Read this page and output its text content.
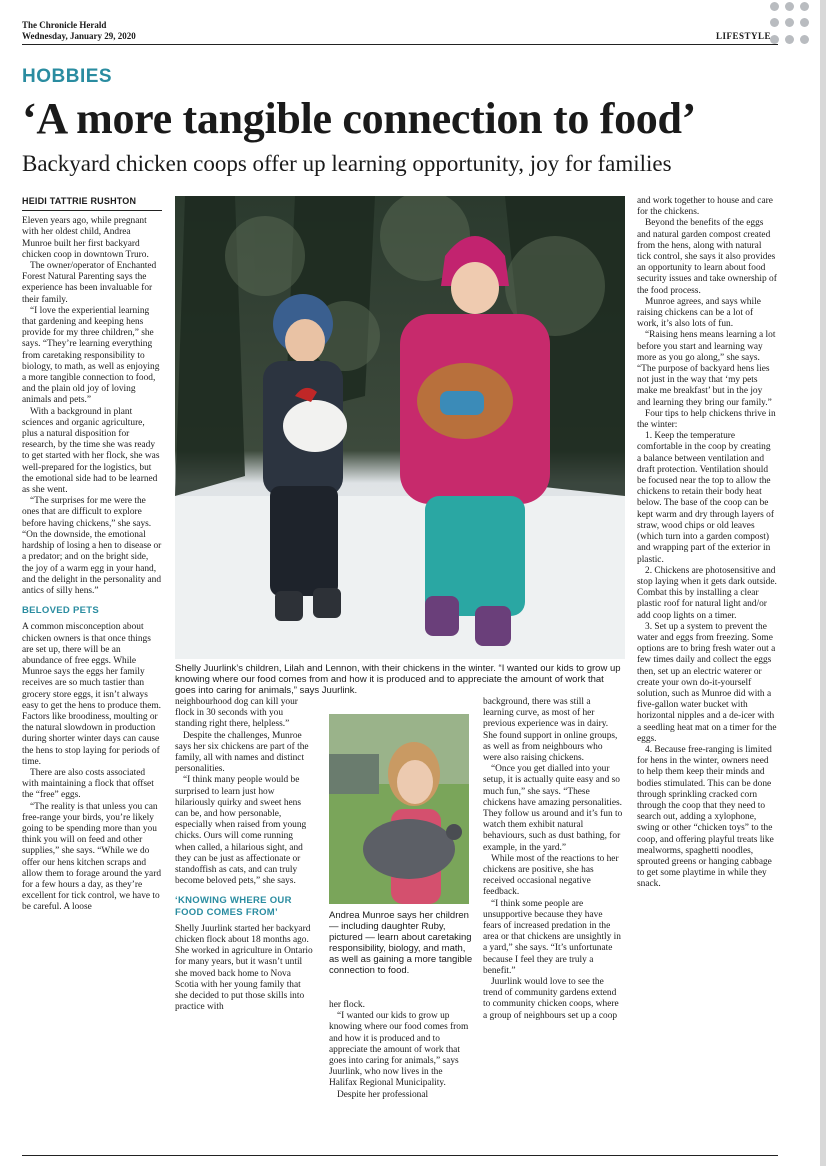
The Chronicle Herald
Wednesday, January 29, 2020	LIFESTYLE
HOBBIES
‘A more tangible connection to food’
Backyard chicken coops offer up learning opportunity, joy for families
HEIDI TATTRIE RUSHTON

Eleven years ago, while pregnant with her oldest child, Andrea Munroe built her first backyard chicken coop in downtown Truro.

The owner/operator of Enchanted Forest Natural Parenting says the experience has been invaluable for their family.

“I love the experiential learning that gardening and keeping hens provide for my three children,” she says. “They’re learning everything from caretaking responsibility to biology, to math, as well as enjoying a more tangible connection to food, and the plain old joy of loving animals and pets.”

With a background in plant sciences and organic agriculture, plus a natural disposition for research, by the time she was ready to get started with her flock, she was well-prepared for the logistics, but the emotional side had to be learned as she went.

“The surprises for me were the ones that are difficult to explore before having chickens,” she says. “On the downside, the emotional hardship of losing a hen to disease or a predator; and on the bright side, the joy of a warm egg in your hand, and the delight in the personality and antics of silly hens.”

BELOVED PETS

A common misconception about chicken owners is that once things are set up, there will be an abundance of free eggs. While Munroe says the eggs her family receives are so much tastier than grocery store eggs, it isn’t always easy to get the hens to produce them. Factors like broodiness, moulting or the natural slowdown in production during shorter winter days can cause the hens to stop laying for periods of time.

There are also costs associated with maintaining a flock that offset the “free” eggs.

“The reality is that unless you can free-range your birds, you’re likely going to be spending more than you think you will on feed and other supplies,” she says. “While we do offer our hens kitchen scraps and allow them to forage around the yard for a few hours a day, as they’re excellent for tick control, we have to be careful. A loose

Shelly Juurlink’s children, Lilah and Lennon, with their chickens in the winter. “I wanted our kids to grow up knowing where our food comes from and how it is produced and to appreciate the amount of work that goes into caring for animals,” says Juurlink.

neighbourhood dog can kill your flock in 30 seconds with you standing right there, helpless.”

Despite the challenges, Munroe says her six chickens are part of the family, all with names and distinct personalities.

“I think many people would be surprised to learn just how hilariously quirky and sweet hens can be, and how personable, especially when raised from young chicks. Ours will come running when called, a hilarious sight, and they can be just as affectionate or standoffish as cats, and can truly become beloved pets,” she says.

‘KNOWING WHERE OUR FOOD COMES FROM’

Shelly Juurlink started her backyard chicken flock about 18 months ago. She worked in agriculture in Ontario for many years, but it wasn’t until she moved back home to Nova Scotia with her young family that she decided to put those skills into practice with

Andrea Munroe says her children — including daughter Ruby, pictured — learn about caretaking responsibility, biology, and math, as well as gaining a more tangible connection to food.

her flock.

“I wanted our kids to grow up knowing where our food comes from and how it is produced and to appreciate the amount of work that goes into caring for animals,” says Juurlink, who now lives in the Halifax Regional Municipality.

Despite her professional

background, there was still a learning curve, as most of her previous experience was in dairy. She found support in online groups, as well as from neighbours who were also raising chickens.

“Once you get dialled into your setup, it is actually quite easy and so much fun,” she says. “These chickens have amazing personalities. They follow us around and it’s fun to watch them exhibit natural behaviours, such as dust bathing, for example, in the yard.”

While most of the reactions to her chickens are positive, she has received occasional negative feedback.

“I think some people are unsupportive because they have fears of increased predation in the area or that chickens are unsightly in a yard,” she says. “It’s unfortunate because I feel they are truly a benefit.”

Juurlink would love to see the trend of community gardens extend to community chicken coops, where a group of neighbours set up a coop

and work together to house and care for the chickens.

Beyond the benefits of the eggs and natural garden compost created from the hens, along with natural tick control, she says it also provides an opportunity to learn about food security issues and take ownership of the food process.

Munroe agrees, and says while raising chickens can be a lot of work, it’s also lots of fun.

“Raising hens means learning a lot before you start and learning way more as you go along,” she says. “The purpose of backyard hens lies not just in the way that ‘my pets make me breakfast’ but in the joy and learning they bring our family.”

Four tips to help chickens thrive in the winter:

1. Keep the temperature comfortable in the coop by creating a balance between ventilation and draft protection. Ventilation should be focused near the top to allow the chickens to retain their body heat below. The base of the coop can be kept warm and dry through layers of straw, wood chips or old leaves (which turn into a garden compost) and wrapping part of the exterior in plastic.

2. Chickens are photosensitive and stop laying when it gets dark outside. Combat this by installing a clear plastic roof for natural light and/or add coop lights on a timer.

3. Set up a system to prevent the water and eggs from freezing. Some options are to bring fresh water out a few times daily and collect the eggs then, set up an electric waterer or create your own do-it-yourself solution, such as Munroe did with a five-gallon water bucket with horizontal nipples and a de-icer with a seedling heat mat on a timer for the eggs.

4. Because free-ranging is limited for hens in the winter, owners need to help them keep their minds and bodies stimulated. This can be done through sprinkling cracked corn through the coop that they need to search out, adding a xylophone, swing or other “chicken toys” to the coop, and offering playful treats like mealworms, spaghetti noodles, sprouted greens or hanging cabbage to get some playtime in while they snack.
